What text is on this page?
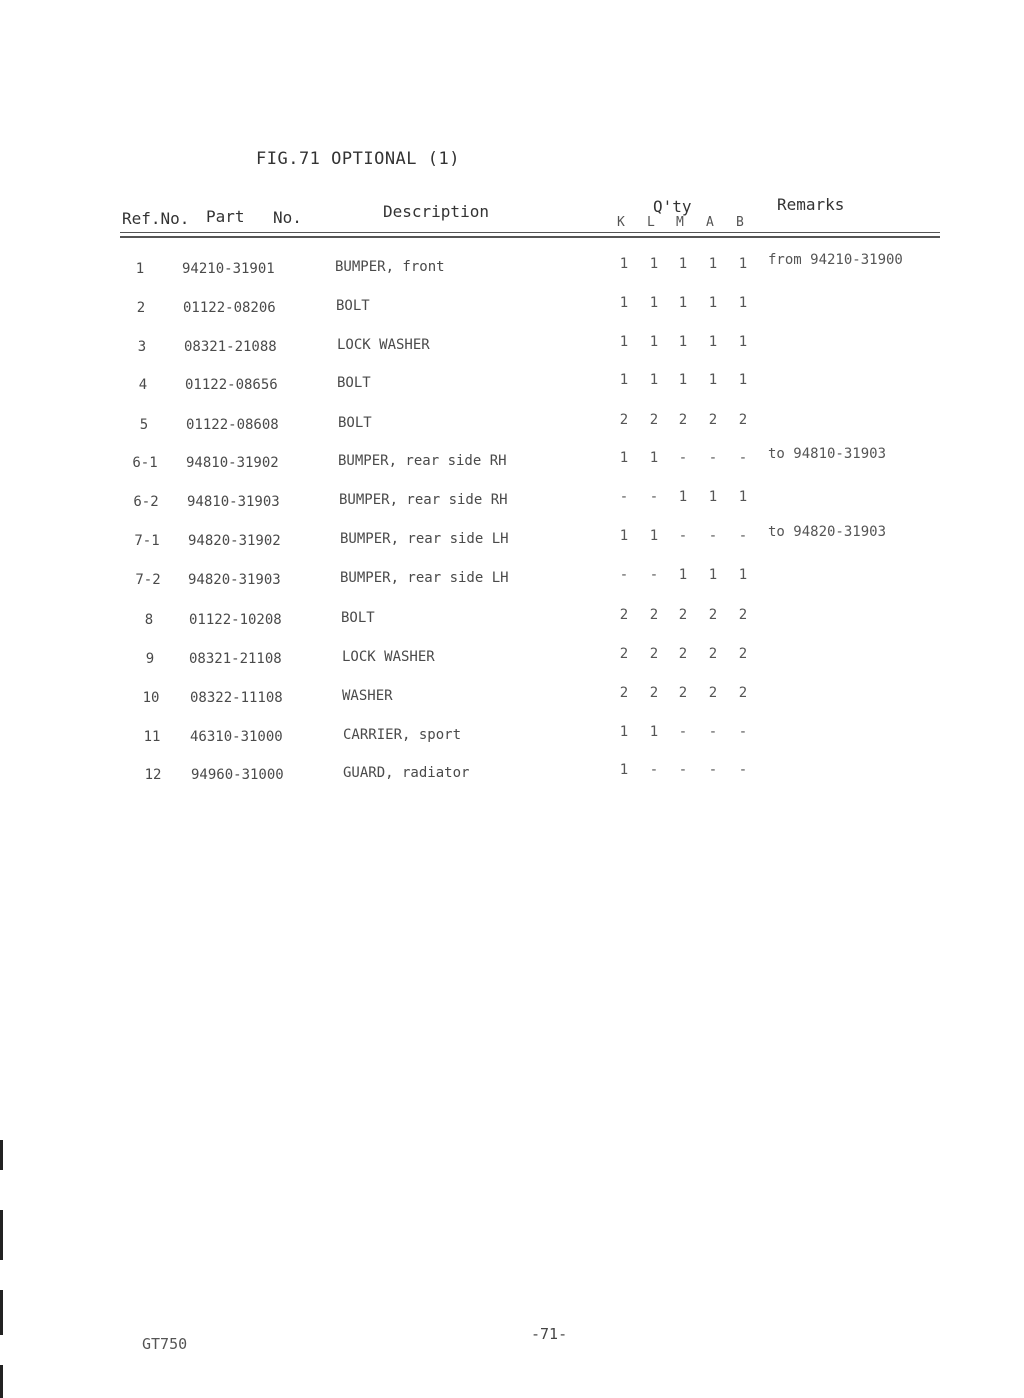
FIG.71 OPTIONAL (1)
Ref.No. Part No.	Description	Q'ty
K L M A B
Remarks
1	94210-31901	BUMPER, front	1 1 1 1 1 from 94210-31900
2	01122-08206	BOLT	1 1 1 1 1
3	08321-21088	LOCK WASHER	1 1 1 1 1
4	01122-08656	BOLT	1 1 1 1 1
5	01122-08608	BOLT	2 2 2 2 2
6-1	94810-31902	BUMPER, rear side RH	1 1 - - - to 94810-31903
6-2	94810-31903	BUMPER, rear side RH	- - 1 1 1
7-1	94820-31902	BUMPER, rear side LH	1 1 - - - to 94820-31903
7-2	94820-31903	BUMPER, rear side LH	- - 1 1 1
8	01122-10208	BOLT	2 2 2 2 2
9	08321-21108	LOCK WASHER	2 2 2 2 2
10	08322-11108	WASHER	2 2 2 2 2
11	46310-31000	CARRIER, sport	1 1 - - -
12	94960-31000	GUARD, radiator	1 - - - -
GT750
-71-
